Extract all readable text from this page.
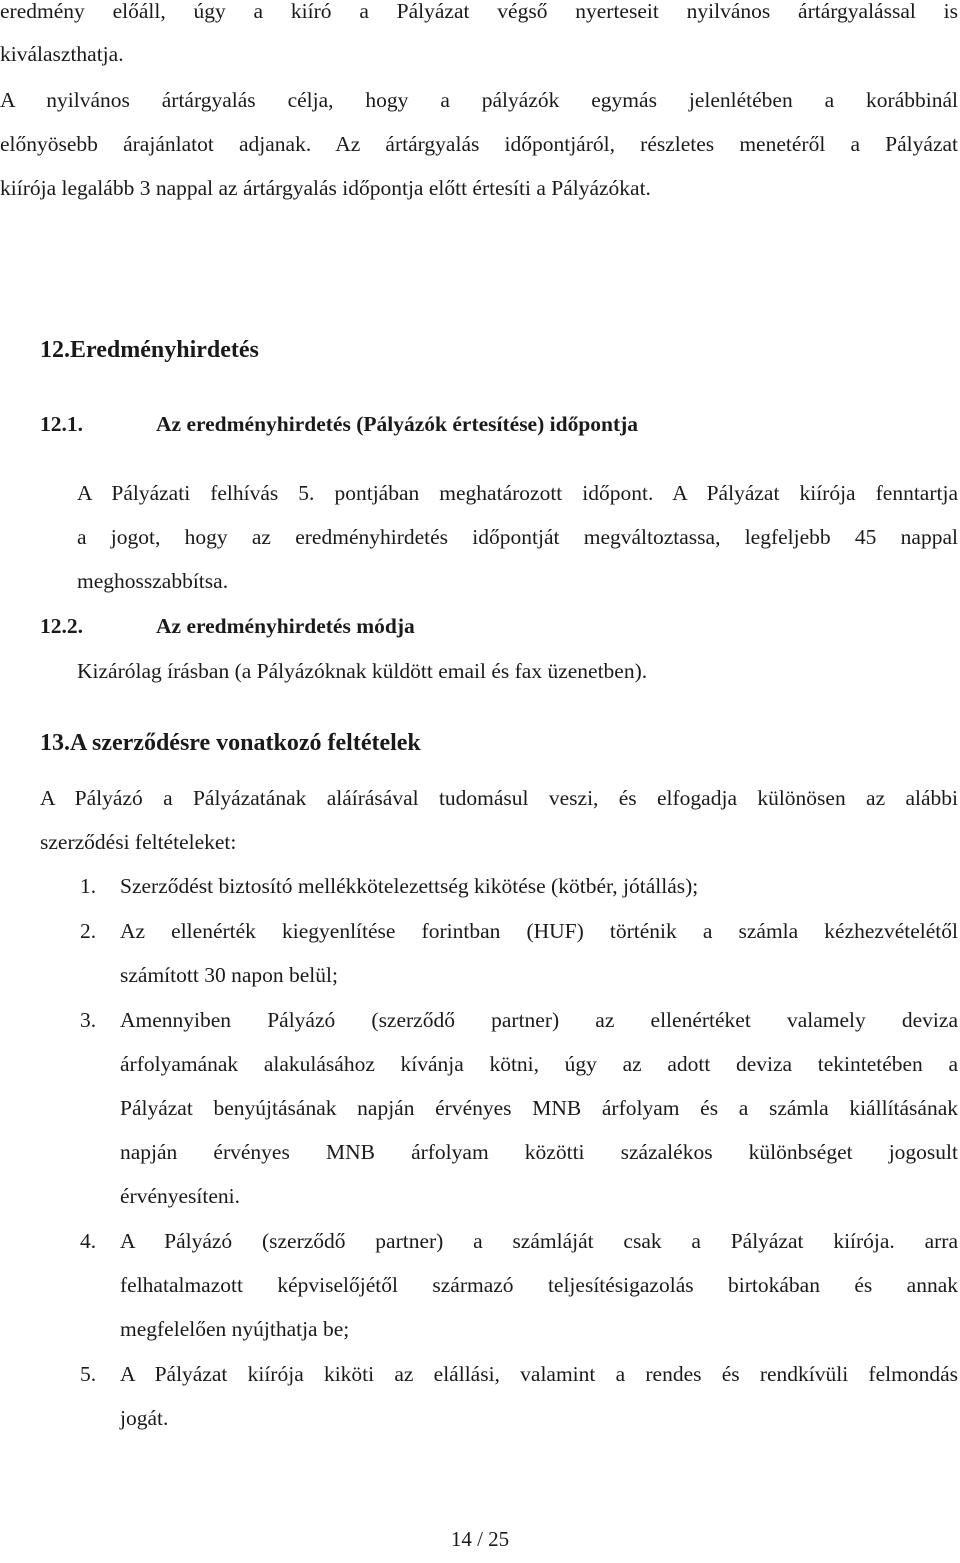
eredmény előáll, úgy a kiíró a Pályázat végső nyerteseit nyilvános ártárgyalással is
kiválaszthatja.
A nyilvános ártárgyalás célja, hogy a pályázók egymás jelenlétében a korábbinál
előnyösebb árajánlatot adjanak. Az ártárgyalás időpontjáról, részletes menetéről a Pályázat
kiírója legalább 3 nappal az ártárgyalás időpontja előtt értesíti a Pályázókat.
12.Eredményhirdetés
12.1.	Az eredményhirdetés (Pályázók értesítése) időpontja
A Pályázati felhívás 5. pontjában meghatározott időpont. A Pályázat kiírója fenntartja
a jogot, hogy az eredményhirdetés időpontját megváltoztassa, legfeljebb 45 nappal
meghosszabbítsa.
12.2.	Az eredményhirdetés módja
Kizárólag írásban (a Pályázóknak küldött email és fax üzenetben).
13.A szerződésre vonatkozó feltételek
A Pályázó a Pályázatának aláírásával tudomásul veszi, és elfogadja különösen az alábbi
szerződési feltételeket:
1. Szerződést biztosító mellékkötelezettség kikötése (kötbér, jótállás);
2. Az ellenérték kiegyenlítése forintban (HUF) történik a számla kézhezvételétől
számított 30 napon belül;
3. Amennyiben Pályázó (szerződő partner) az ellenértéket valamely deviza
árfolyamának alakulásához kívánja kötni, úgy az adott deviza tekintetében a
Pályázat benyújtásának napján érvényes MNB árfolyam és a számla kiállításának
napján érvényes MNB árfolyam közötti százalékos különbséget jogosult
érvényesíteni.
4. A Pályázó (szerződő partner) a számláját csak a Pályázat kiírója. arra
felhatalmazott képviselőjétől származó teljesítésigazolás birtokában és annak
megfelelően nyújthatja be;
5. A Pályázat kiírója kiköti az elállási, valamint a rendes és rendkívüli felmondás
jogát.
14 / 25
